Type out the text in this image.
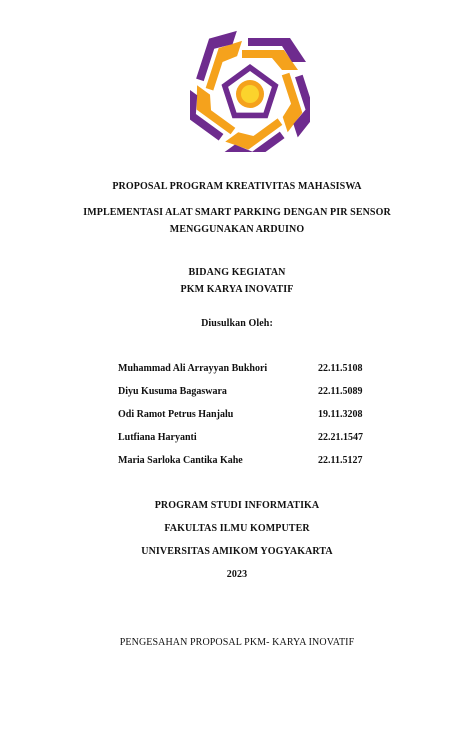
PROPOSAL PROGRAM KREATIVITAS MAHASISWA
IMPLEMENTASI ALAT SMART PARKING DENGAN PIR SENSOR
MENGGUNAKAN ARDUINO
BIDANG KEGIATAN
PKM KARYA INOVATIF
Diusulkan Oleh:
Muhammad Ali Arrayyan Bukhori	22.11.5108
Diyu Kusuma Bagaswara	22.11.5089
Odi Ramot Petrus Hanjalu	19.11.3208
Lutfiana Haryanti	22.21.1547
Maria Sarloka Cantika Kahe	22.11.5127
PROGRAM STUDI INFORMATIKA
FAKULTAS ILMU KOMPUTER
UNIVERSITAS AMIKOM YOGYAKARTA
2023
PENGESAHAN PROPOSAL PKM- KARYA INOVATIF
